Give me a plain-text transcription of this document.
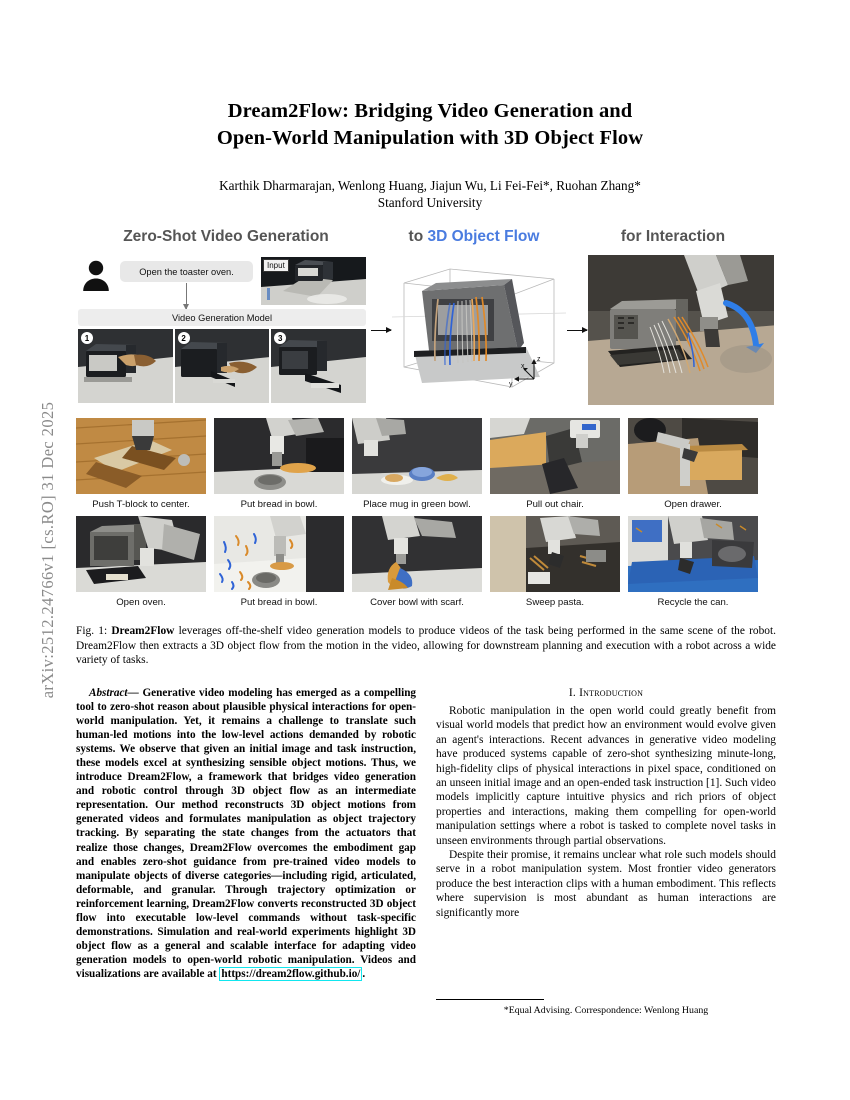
arXiv:2512.24766v1 [cs.RO] 31 Dec 2025
Dream2Flow: Bridging Video Generation and
Open-World Manipulation with 3D Object Flow
Karthik Dharmarajan, Wenlong Huang, Jiajun Wu, Li Fei-Fei*, Ruohan Zhang*
Stanford University
Zero-Shot Video Generation	to 3D Object Flow	for Interaction
Open the toaster oven.
Video Generation Model
Input
1	2	3
z
x
y
Push T-block to center.	Put bread in bowl.	Place mug in green bowl.	Pull out chair.	Open drawer.
Open oven.	Put bread in bowl.	Cover bowl with scarf.	Sweep pasta.	Recycle the can.
Fig. 1: Dream2Flow leverages off-the-shelf video generation models to produce videos of the task being performed in the same scene of the robot. Dream2Flow then extracts a 3D object flow from the motion in the video, allowing for downstream planning and execution with a robot across a wide variety of tasks.
Abstract— Generative video modeling has emerged as a compelling tool to zero-shot reason about plausible physical interactions for open-world manipulation. Yet, it remains a challenge to translate such human-led motions into the low-level actions demanded by robotic systems. We observe that given an initial image and task instruction, these models excel at synthesizing sensible object motions. Thus, we introduce Dream2Flow, a framework that bridges video generation and robotic control through 3D object flow as an intermediate representation. Our method reconstructs 3D object motions from generated videos and formulates manipulation as object trajectory tracking. By separating the state changes from the actuators that realize those changes, Dream2Flow overcomes the embodiment gap and enables zero-shot guidance from pre-trained video models to manipulate objects of diverse categories—including rigid, articulated, deformable, and granular. Through trajectory optimization or reinforcement learning, Dream2Flow converts reconstructed 3D object flow into executable low-level commands without task-specific demonstrations. Simulation and real-world experiments highlight 3D object flow as a general and scalable interface for adapting video generation models to open-world robotic manipulation. Videos and visualizations are available at https://dream2flow.github.io/ .
I. Introduction

Robotic manipulation in the open world could greatly benefit from visual world models that predict how an environment would evolve given an agent's interactions. Recent advances in generative video modeling have produced systems capable of zero-shot synthesizing minute-long, high-fidelity clips of physical interactions in pixel space, conditioned on an unseen initial image and an open-ended task instruction [1]. Such video models implicitly capture intuitive physics and rich priors of object properties and interactions, making them compelling for open-world manipulation settings where a robot is tasked to complete novel tasks in unseen environments through partial observations.

Despite their promise, it remains unclear what role such models should serve in a robot manipulation system. Most frontier video generators produce the best interaction clips with a human embodiment. This reflects where supervision is most abundant as human interactions are significantly more

*Equal Advising. Correspondence: Wenlong Huang
